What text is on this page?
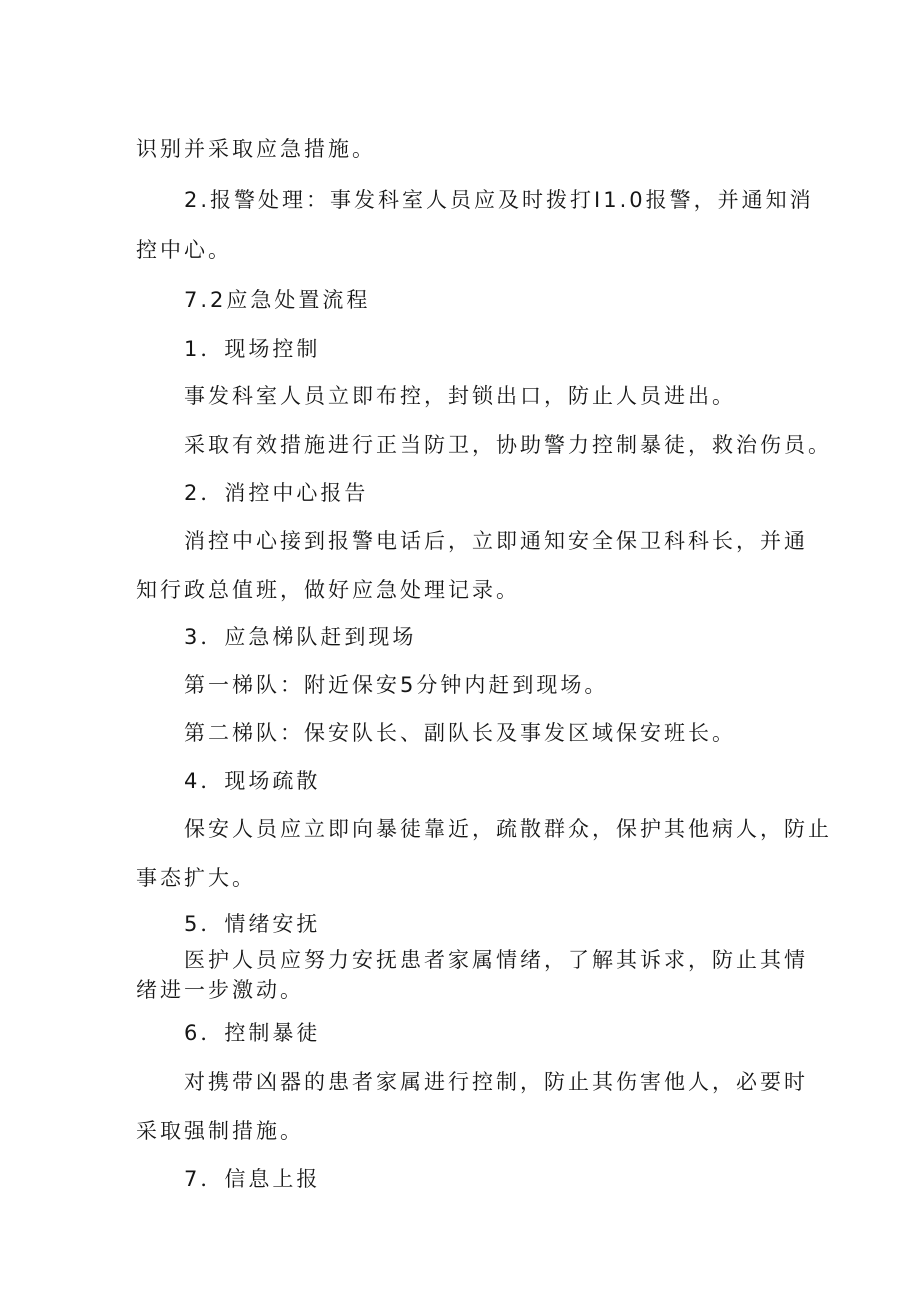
识别并采取应急措施。

2.报警处理：事发科室人员应及时拨打I1.0报警，并通知消

控中心。

7.2应急处置流程

1．现场控制

事发科室人员立即布控，封锁出口，防止人员进出。

采取有效措施进行正当防卫，协助警力控制暴徒，救治伤员。

2．消控中心报告

消控中心接到报警电话后，立即通知安全保卫科科长，并通

知行政总值班，做好应急处理记录。

3．应急梯队赶到现场

第一梯队：附近保安5分钟内赶到现场。

第二梯队：保安队长、副队长及事发区域保安班长。

4．现场疏散

保安人员应立即向暴徒靠近，疏散群众，保护其他病人，防止

事态扩大。

5．情绪安抚

医护人员应努力安抚患者家属情绪，了解其诉求，防止其情

绪进一步激动。

6．控制暴徒

对携带凶器的患者家属进行控制，防止其伤害他人，必要时

采取强制措施。

7．信息上报
